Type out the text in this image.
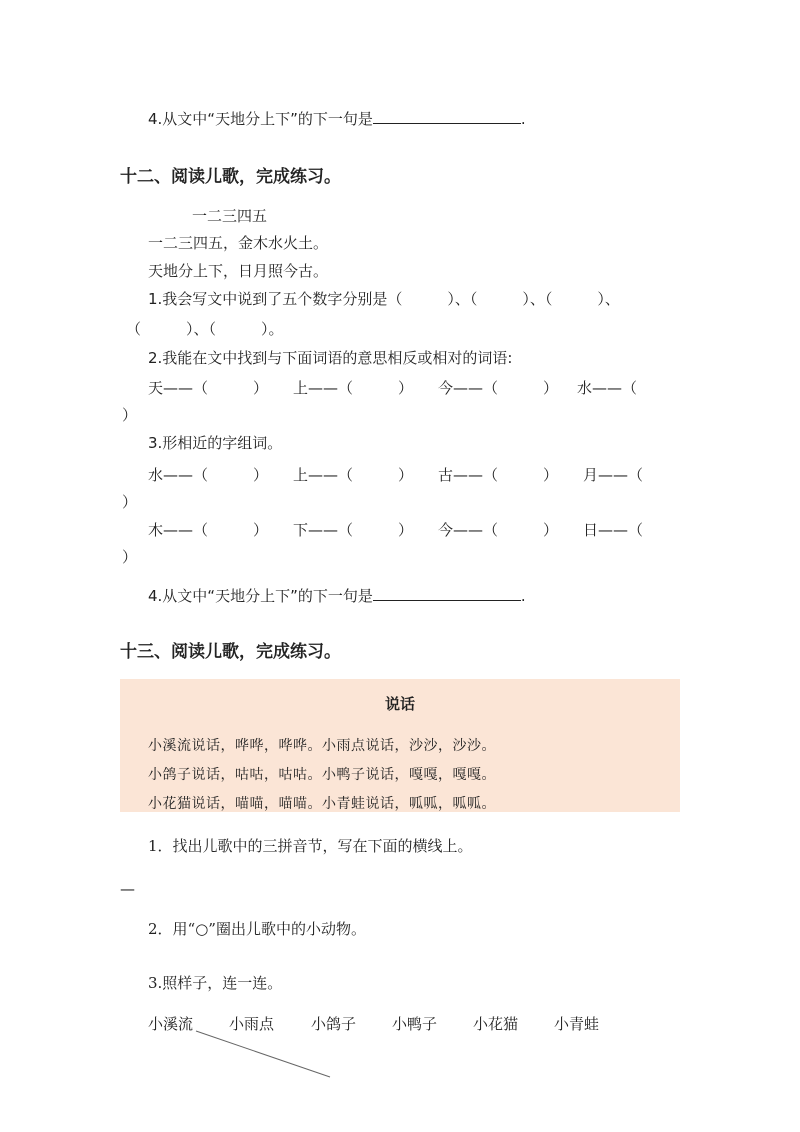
4.从文中“天地分上下”的下一句是	.
十二、阅读儿歌，完成练习。
一二三四五
一二三四五，金木水火土。
天地分上下，日月照今古。
1.我会写文中说到了五个数字分别是（　　　）、（　　　）、（　　　）、
（　　　）、（　　　）。
2.我能在文中找到与下面词语的意思相反或相对的词语:
天——（　　　） 上——（　　　） 今——（　　　） 水——（
）
3.形相近的字组词。
水——（　　　） 上——（　　　） 古——（　　　） 月——（
）
木——（　　　） 下——（　　　） 今——（　　　） 日——（
）
4.从文中“天地分上下”的下一句是	.
十三、阅读儿歌，完成练习。
说话
小溪流说话，哗哗，哗哗。小雨点说话，沙沙，沙沙。
小鸽子说话，咕咕，咕咕。小鸭子说话，嘎嘎，嘎嘎。
小花猫说话，喵喵，喵喵。小青蛙说话，呱呱，呱呱。
1．找出儿歌中的三拼音节，写在下面的横线上。
—
2．用“○”圈出儿歌中的小动物。
3.照样子，连一连。
小溪流 小雨点 小鸽子 小鸭子 小花猫 小青蛙
